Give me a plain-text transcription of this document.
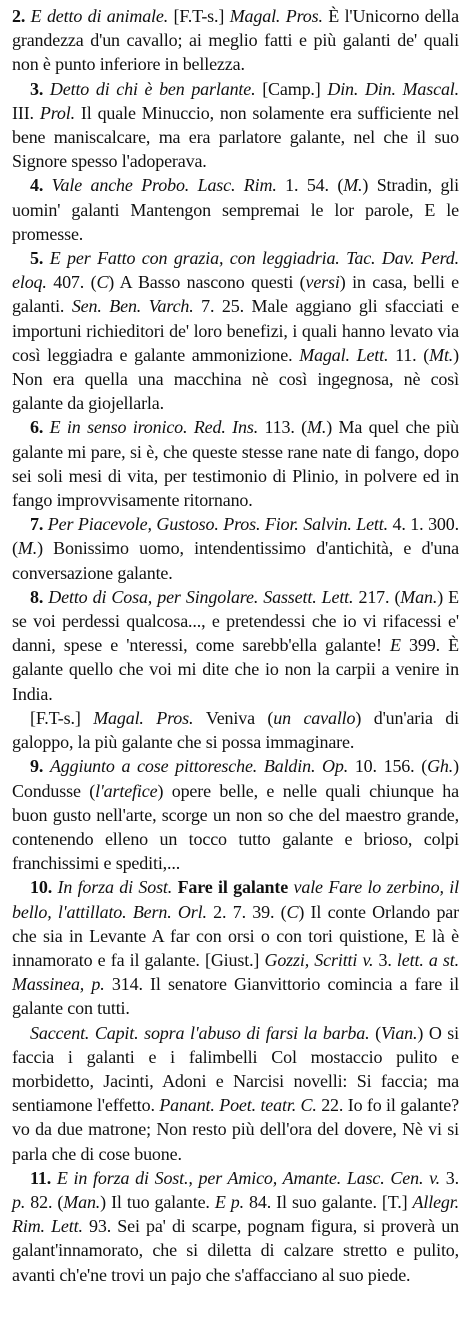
2. E detto di animale. [F.T-s.] Magal. Pros. È l'Unicorno della grandezza d'un cavallo; ai meglio fatti e più galanti de' quali non è punto inferiore in bellezza.

3. Detto di chi è ben parlante. [Camp.] Din. Din. Mascal. III. Prol. Il quale Minuccio, non solamente era sufficiente nel bene maniscalcare, ma era parlatore galante, nel che il suo Signore spesso l'adoperava.

4. Vale anche Probo. Lasc. Rim. 1. 54. (M.) Stradin, gli uomin' galanti Mantengon sempremai le lor parole, E le promesse.

5. E per Fatto con grazia, con leggiadria. Tac. Dav. Perd. eloq. 407. (C) A Basso nascono questi (versi) in casa, belli e galanti. Sen. Ben. Varch. 7. 25. Male aggiano gli sfacciati e importuni richieditori de' loro benefizi, i quali hanno levato via così leggiadra e galante ammonizione. Magal. Lett. 11. (Mt.) Non era quella una macchina nè così ingegnosa, nè così galante da giojellarla.

6. E in senso ironico. Red. Ins. 113. (M.) Ma quel che più galante mi pare, si è, che queste stesse rane nate di fango, dopo sei soli mesi di vita, per testimonio di Plinio, in polvere ed in fango improvvisamente ritornano.

7. Per Piacevole, Gustoso. Pros. Fior. Salvin. Lett. 4. 1. 300. (M.) Bonissimo uomo, intendentissimo d'antichità, e d'una conversazione galante.

8. Detto di Cosa, per Singolare. Sassett. Lett. 217. (Man.) E se voi perdessi qualcosa..., e pretendessi che io vi rifacessi e' danni, spese e 'nteressi, come sarebb'ella galante! E 399. È galante quello che voi mi dite che io non la carpii a venire in India.

[F.T-s.] Magal. Pros. Veniva (un cavallo) d'un'aria di galoppo, la più galante che si possa immaginare.

9. Aggiunto a cose pittoresche. Baldin. Op. 10. 156. (Gh.) Condusse (l'artefice) opere belle, e nelle quali chiunque ha buon gusto nell'arte, scorge un non so che del maestro grande, contenendo elleno un tocco tutto galante e brioso, colpi franchissimi e spediti,...

10. In forza di Sost. Fare il galante vale Fare lo zerbino, il bello, l'attillato. Bern. Orl. 2. 7. 39. (C) Il conte Orlando par che sia in Levante A far con orsi o con tori quistione, E là è innamorato e fa il galante. [Giust.] Gozzi, Scritti v. 3. lett. a st. Massinea, p. 314. Il senatore Gianvittorio comincia a fare il galante con tutti.

Saccent. Capit. sopra l'abuso di farsi la barba. (Vian.) O si faccia i galanti e i falimbelli Col mostaccio pulito e morbidetto, Jacinti, Adoni e Narcisi novelli: Si faccia; ma sentiamone l'effetto. Panant. Poet. teatr. C. 22. Io fo il galante? vo da due matrone; Non resto più dell'ora del dovere, Nè vi si parla che di cose buone.

11. E in forza di Sost., per Amico, Amante. Lasc. Cen. v. 3. p. 82. (Man.) Il tuo galante. E p. 84. Il suo galante. [T.] Allegr. Rim. Lett. 93. Sei pa' di scarpe, pognam figura, si proverà un galant'innamorato, che si diletta di calzare stretto e pulito, avanti ch'e'ne trovi un pajo che s'affacciano al suo piede.
